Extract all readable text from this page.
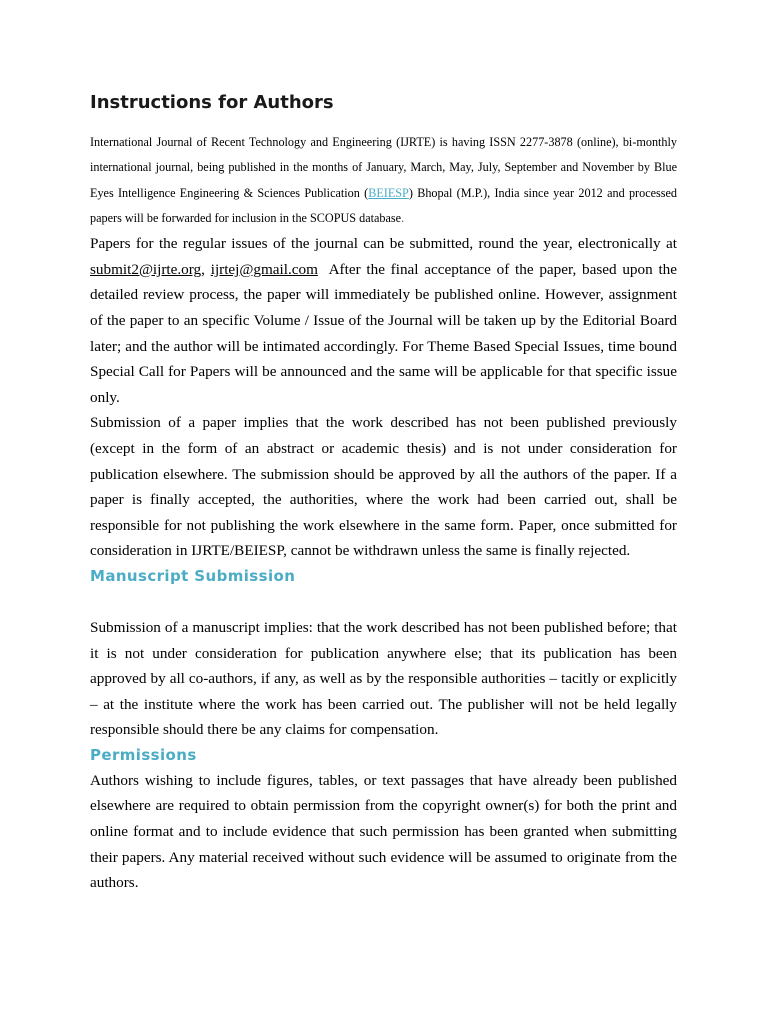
Instructions for Authors

International Journal of Recent Technology and Engineering (IJRTE) is having ISSN 2277-3878 (online), bi-monthly international journal, being published in the months of January, March, May, July, September and November by Blue Eyes Intelligence Engineering & Sciences Publication (BEIESP) Bhopal (M.P.), India since year 2012 and processed papers will be forwarded for inclusion in the SCOPUS database.

Papers for the regular issues of the journal can be submitted, round the year, electronically at submit2@ijrte.org, ijrtej@gmail.com  After the final acceptance of the paper, based upon the detailed review process, the paper will immediately be published online. However, assignment of the paper to an specific Volume / Issue of the Journal will be taken up by the Editorial Board later; and the author will be intimated accordingly. For Theme Based Special Issues, time bound Special Call for Papers will be announced and the same will be applicable for that specific issue only.

Submission of a paper implies that the work described has not been published previously (except in the form of an abstract or academic thesis) and is not under consideration for publication elsewhere. The submission should be approved by all the authors of the paper. If a paper is finally accepted, the authorities, where the work had been carried out, shall be responsible for not publishing the work elsewhere in the same form. Paper, once submitted for consideration in IJRTE/BEIESP, cannot be withdrawn unless the same is finally rejected.

Manuscript Submission

Submission of a manuscript implies: that the work described has not been published before; that it is not under consideration for publication anywhere else; that its publication has been approved by all co-authors, if any, as well as by the responsible authorities – tacitly or explicitly – at the institute where the work has been carried out. The publisher will not be held legally responsible should there be any claims for compensation.

Permissions

Authors wishing to include figures, tables, or text passages that have already been published elsewhere are required to obtain permission from the copyright owner(s) for both the print and online format and to include evidence that such permission has been granted when submitting their papers. Any material received without such evidence will be assumed to originate from the authors.
